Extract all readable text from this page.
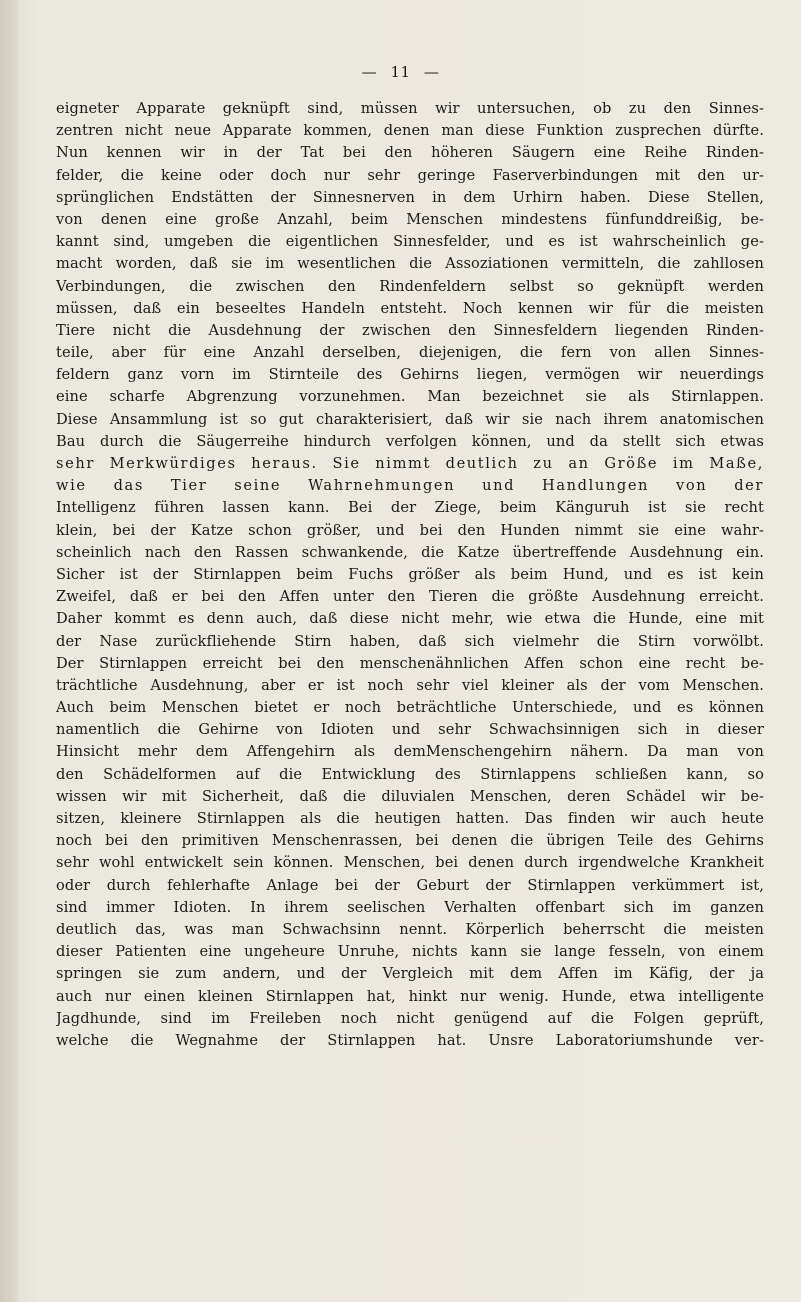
— 11 —
eigneter Apparate geknüpft sind, müssen wir untersuchen, ob zu den Sinnes-
zentren nicht neue Apparate kommen, denen man diese Funktion zusprechen dürfte.
Nun kennen wir in der Tat bei den höheren Säugern eine Reihe Rinden-
felder, die keine oder doch nur sehr geringe Faserverbindungen mit den ur-
sprünglichen Endstätten der Sinnesnerven in dem Urhirn haben. Diese Stellen,
von denen eine große Anzahl, beim Menschen mindestens fünfunddreißig, be-
kannt sind, umgeben die eigentlichen Sinnesfelder, und es ist wahrscheinlich ge-
macht worden, daß sie im wesentlichen die Assoziationen vermitteln, die zahllosen
Verbindungen, die zwischen den Rindenfeldern selbst so geknüpft werden
müssen, daß ein beseeltes Handeln entsteht. Noch kennen wir für die meisten
Tiere nicht die Ausdehnung der zwischen den Sinnesfeldern liegenden Rinden-
teile, aber für eine Anzahl derselben, diejenigen, die fern von allen Sinnes-
feldern ganz vorn im Stirnteile des Gehirns liegen, vermögen wir neuerdings
eine scharfe Abgrenzung vorzunehmen. Man bezeichnet sie als Stirnlappen.
Diese Ansammlung ist so gut charakterisiert, daß wir sie nach ihrem anatomischen
Bau durch die Säugerreihe hindurch verfolgen können, und da stellt sich etwas
sehr Merkwürdiges heraus. Sie nimmt deutlich zu an Größe im Maße,
wie das Tier seine Wahrnehmungen und Handlungen von der
Intelligenz führen lassen kann. Bei der Ziege, beim Känguruh ist sie recht
klein, bei der Katze schon größer, und bei den Hunden nimmt sie eine wahr-
scheinlich nach den Rassen schwankende, die Katze übertreffende Ausdehnung ein.
Sicher ist der Stirnlappen beim Fuchs größer als beim Hund, und es ist kein
Zweifel, daß er bei den Affen unter den Tieren die größte Ausdehnung erreicht.
Daher kommt es denn auch, daß diese nicht mehr, wie etwa die Hunde, eine mit
der Nase zurückfliehende Stirn haben, daß sich vielmehr die Stirn vorwölbt.
Der Stirnlappen erreicht bei den menschenähnlichen Affen schon eine recht be-
trächtliche Ausdehnung, aber er ist noch sehr viel kleiner als der vom Menschen.
Auch beim Menschen bietet er noch beträchtliche Unterschiede, und es können
namentlich die Gehirne von Idioten und sehr Schwachsinnigen sich in dieser
Hinsicht mehr dem Affengehirn als demMenschengehirn nähern. Da man von
den Schädelformen auf die Entwicklung des Stirnlappens schließen kann, so
wissen wir mit Sicherheit, daß die diluvialen Menschen, deren Schädel wir be-
sitzen, kleinere Stirnlappen als die heutigen hatten. Das finden wir auch heute
noch bei den primitiven Menschenrassen, bei denen die übrigen Teile des Gehirns
sehr wohl entwickelt sein können. Menschen, bei denen durch irgendwelche Krankheit
oder durch fehlerhafte Anlage bei der Geburt der Stirnlappen verkümmert ist,
sind immer Idioten. In ihrem seelischen Verhalten offenbart sich im ganzen
deutlich das, was man Schwachsinn nennt. Körperlich beherrscht die meisten
dieser Patienten eine ungeheure Unruhe, nichts kann sie lange fesseln, von einem
springen sie zum andern, und der Vergleich mit dem Affen im Käfig, der ja
auch nur einen kleinen Stirnlappen hat, hinkt nur wenig. Hunde, etwa intelligente
Jagdhunde, sind im Freileben noch nicht genügend auf die Folgen geprüft,
welche die Wegnahme der Stirnlappen hat. Unsre Laboratoriumshunde ver-
